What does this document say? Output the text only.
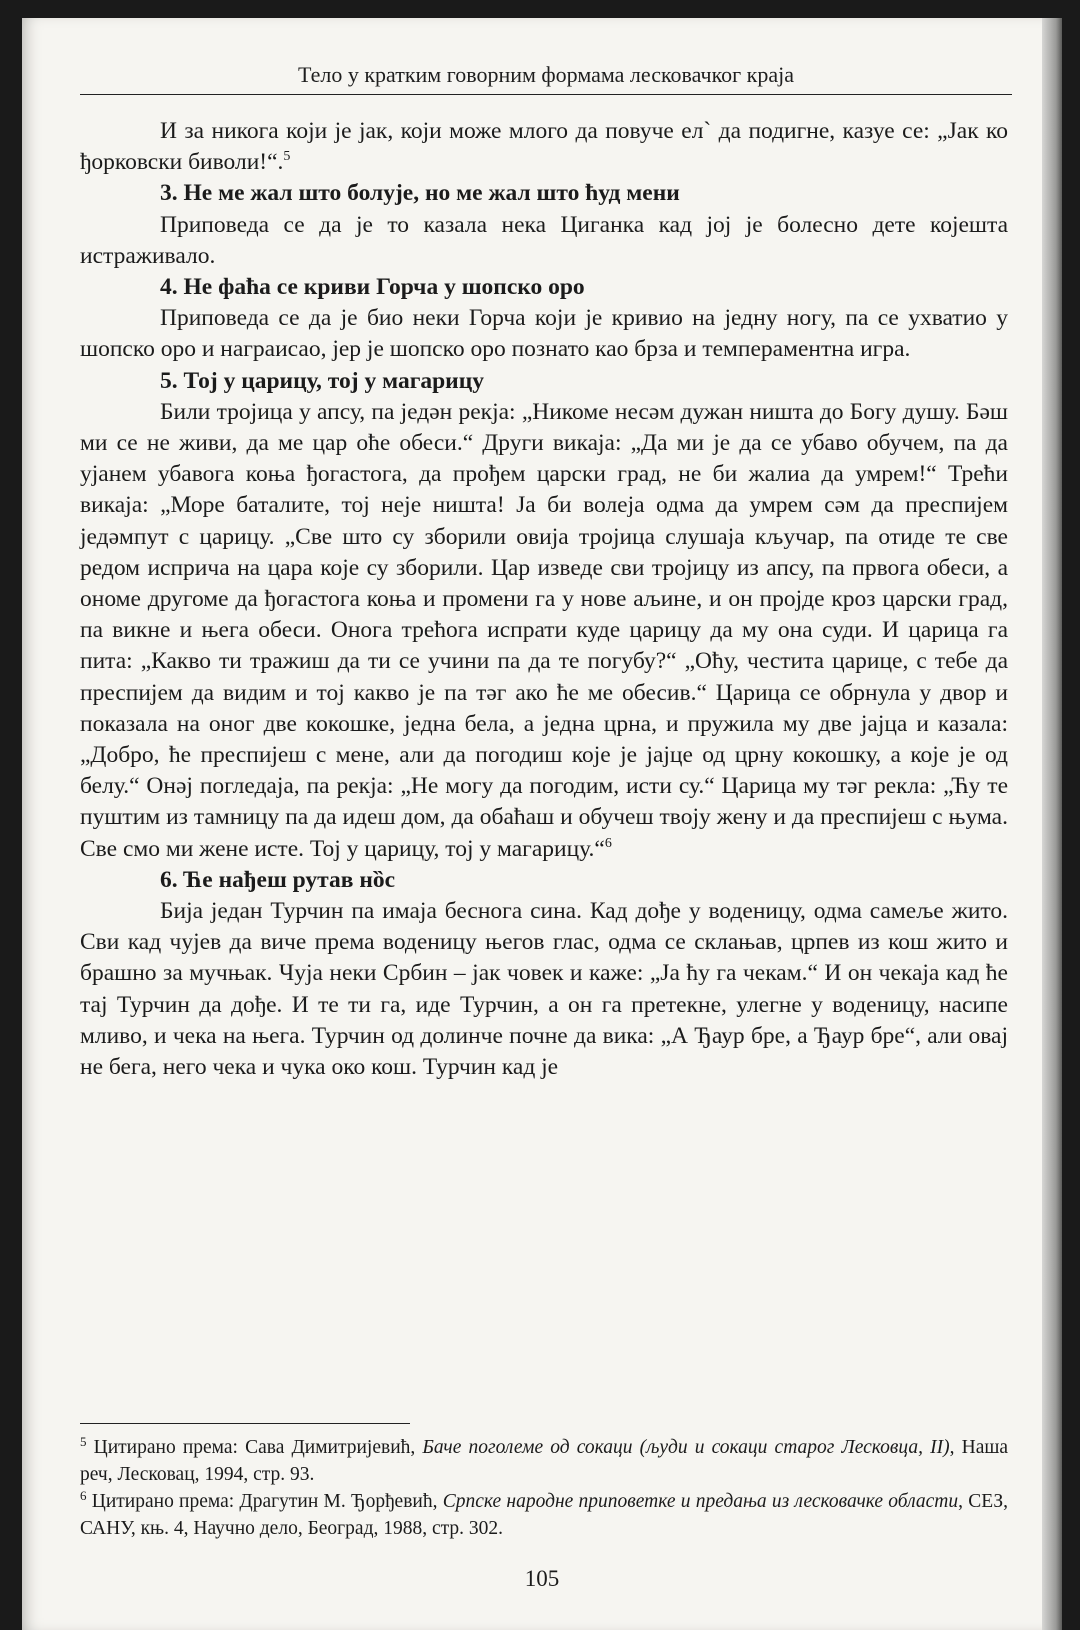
Тело у кратким говорним формама лесковачког краја

И за никога који је јак, који може млого да повуче ел` да подигне, казуе се: „Јак ко ђорковски биволи!“.$^5$

3. Не ме жал што болује, но ме жал што ћуд мени

Приповеда се да је то казала нека Циганка кад јој је болесно дете којешта истраживало.

4. Не фаћа се криви Горча у шопско оро

Приповеда се да је био неки Горча који је кривио на једну ногу, па се ухватио у шопско оро и награисао, јер је шопско оро познато као брза и темпераментна игра.

5. Тој у царицу, тој у магарицу

Били тројица у апсу, па једəн рекја: „Никоме несəм дужан ништа до Богу душу. Бəш ми се не живи, да ме цар оће обеси.“ Други викаја: „Да ми је да се убаво обучем, па да ујанем убавога коња ђогастога, да прођем царски град, не би жалиа да умрем!“ Трећи викаја: „Море баталите, тој неје ништа! Ја би волеја одма да умрем сəм да преспијем једəмпут с царицу. „Све што су зборили овија тројица слушаја кључар, па отиде те све редом исприча на цара које су зборили. Цар изведе сви тројицу из апсу, па првога обеси, а ономе другоме да ђогастога коња и промени га у нове аљине, и он пројде кроз царски град, па викне и њега обеси. Онога трећога испрати куде царицу да му она суди. И царица га пита: „Какво ти тражиш да ти се учини па да те погубу?“ „Оћу, честита царице, с тебе да преспијем да видим и тој какво је па тəг ако ће ме обесив.“ Царица се обрнула у двор и показала на оног две кокошке, једна бела, а једна црна, и пружила му две јајца и казала: „Добро, ће преспијеш с мене, али да погодиш које је јајце од црну кокошку, а које је од белу.“ Онəј погледаја, па рекја: „Не могу да погодим, исти су.“ Царица му тəг рекла: „Ћу те пуштим из тамницу па да идеш дом, да обаћаш и обучеш твоју жену и да преспијеш с њума. Све смо ми жене исте. Тој у царицу, тој у магарицу.“$^6$

6. Ће нађеш рутав нȍс

Бија један Турчин па имаја беснога сина. Кад дође у воденицу, одма самеље жито. Сви кад чујев да виче према воденицу његов глас, одма се склањав, црпев из кош жито и брашно за мучњак. Чуја неки Србин – јак човек и каже: „Ја ћу га чекам.“ И он чекаја кад ће тај Турчин да дође. И те ти га, иде Турчин, а он га претекне, улегне у воденицу, насипе мливо, и чека на њега. Турчин од долинче почне да вика: „А Ђаур бре, а Ђаур бре“, али овај не бега, него чека и чука око кош. Турчин кад је

$^5$ Цитирано према: Сава Димитријевић, Баче поголеме од сокаци (људи и сокаци старог Лесковца, II), Наша реч, Лесковац, 1994, стр. 93.

$^6$ Цитирано према: Драгутин М. Ђорђевић, Српске народне приповетке и предања из лесковачке области, СЕЗ, САНУ, књ. 4, Научно дело, Београд, 1988, стр. 302.

105
